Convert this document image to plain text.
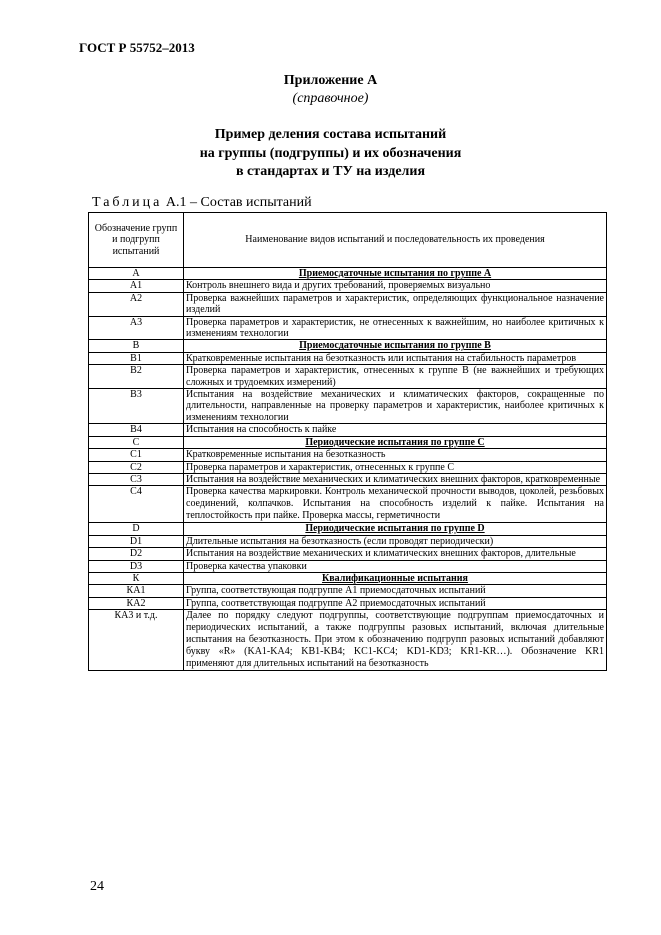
ГОСТ Р 55752–2013
Приложение А
(справочное)
Пример деления состава испытаний
на группы (подгруппы) и их обозначения
в стандартах и ТУ на изделия
Таблица А.1 – Состав испытаний
Обозначение групп и подгрупп испытаний	Наименование видов испытаний и последовательность их проведения
А	Приемосдаточные испытания по группе А
А1	Контроль внешнего вида и других требований, проверяемых визуально
А2	Проверка важнейших параметров и характеристик, определяющих функциональное назначение изделий
А3	Проверка параметров и характеристик, не отнесенных к важнейшим, но наиболее критичных к изменениям технологии
В	Приемосдаточные испытания по группе В
В1	Кратковременные испытания на безотказность или испытания на стабильность параметров
В2	Проверка параметров и характеристик, отнесенных к группе В (не важнейших и требующих сложных и трудоемких измерений)
В3	Испытания на воздействие механических и климатических факторов, сокращенные по длительности, направленные на проверку параметров и характеристик, наиболее критичных к изменениям технологии
В4	Испытания на способность к пайке
С	Периодические испытания по группе С
С1	Кратковременные испытания на безотказность
С2	Проверка параметров и характеристик, отнесенных к группе С
С3	Испытания на воздействие механических и климатических внешних факторов, кратковременные
С4	Проверка качества маркировки. Контроль механической прочности выводов, цоколей, резьбовых соединений, колпачков. Испытания на способность изделий к пайке. Испытания на теплостойкость при пайке. Проверка массы, герметичности
D	Периодические испытания по группе D
D1	Длительные испытания на безотказность (если проводят периодически)
D2	Испытания на воздействие механических и климатических внешних факторов, длительные
D3	Проверка качества упаковки
К	Квалификационные испытания
КА1	Группа, соответствующая подгруппе А1 приемосдаточных испытаний
КА2	Группа, соответствующая подгруппе А2 приемосдаточных испытаний
КА3 и т.д.	Далее по порядку следуют подгруппы, соответствующие подгруппам приемосдаточных и периодических испытаний, а также подгруппы разовых испытаний, включая длительные испытания на безотказность. При этом к обозначению подгрупп разовых испытаний добавляют букву «R» (KA1-KA4; KB1-KB4; KC1-KC4; KD1-KD3; KR1-KR…). Обозначение KR1 применяют для длительных испытаний на безотказность
24
